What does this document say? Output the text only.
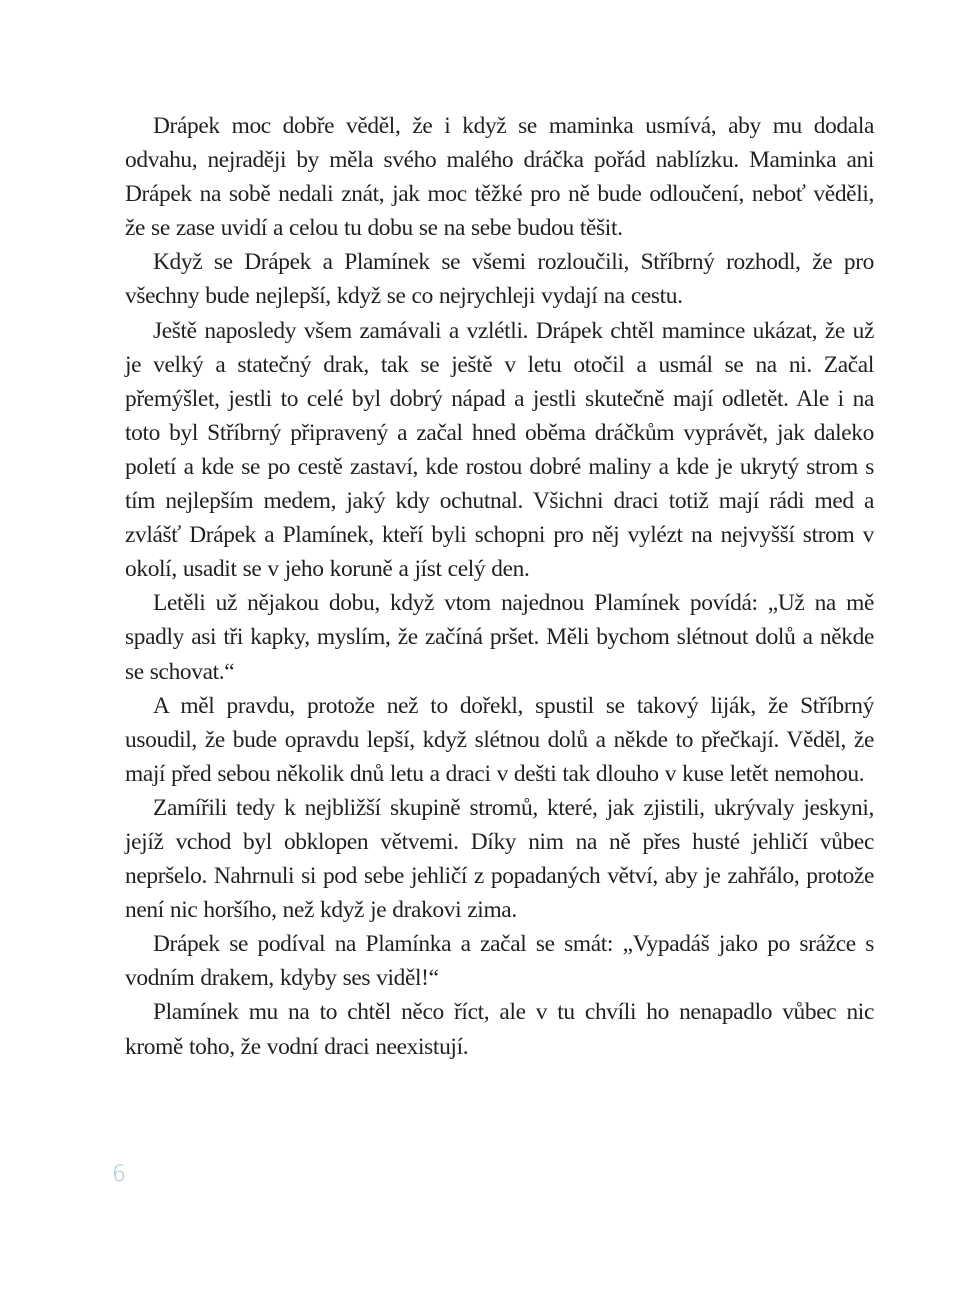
Drápek moc dobře věděl, že i když se maminka usmívá, aby mu dodala odvahu, nejraději by měla svého malého dráčka pořád nablízku. Maminka ani Drápek na sobě nedali znát, jak moc těžké pro ně bude odloučení, neboť věděli, že se zase uvidí a celou tu dobu se na sebe budou těšit.

Když se Drápek a Plamínek se všemi rozloučili, Stříbrný rozhodl, že pro všechny bude nejlepší, když se co nejrychleji vydají na cestu.

Ještě naposledy všem zamávali a vzlétli. Drápek chtěl mamince ukázat, že už je velký a statečný drak, tak se ještě v letu otočil a usmál se na ni. Začal přemýšlet, jestli to celé byl dobrý nápad a jestli skutečně mají odletět. Ale i na toto byl Stříbrný připravený a začal hned oběma dráčkům vyprávět, jak daleko poletí a kde se po cestě zastaví, kde rostou dobré maliny a kde je ukrytý strom s tím nejlepším medem, jaký kdy ochutnal. Všichni draci totiž mají rádi med a zvlášť Drápek a Plamínek, kteří byli schopni pro něj vylézt na nejvyšší strom v okolí, usadit se v jeho koruně a jíst celý den.

Letěli už nějakou dobu, když vtom najednou Plamínek povídá: „Už na mě spadly asi tři kapky, myslím, že začíná pršet. Měli bychom slétnout dolů a někde se schovat.“

A měl pravdu, protože než to dořekl, spustil se takový liják, že Stříbrný usoudil, že bude opravdu lepší, když slétnou dolů a někde to přečkají. Věděl, že mají před sebou několik dnů letu a draci v dešti tak dlouho v kuse letět nemohou.

Zamířili tedy k nejbližší skupině stromů, které, jak zjistili, ukrývaly jeskyni, jejíž vchod byl obklopen větvemi. Díky nim na ně přes husté jehličí vůbec nepršelo. Nahrnuli si pod sebe jehličí z popadaných větví, aby je zahřálo, protože není nic horšího, než když je drakovi zima.

Drápek se podíval na Plamínka a začal se smát: „Vypadáš jako po srážce s vodním drakem, kdyby ses viděl!“

Plamínek mu na to chtěl něco říct, ale v tu chvíli ho nenapadlo vůbec nic kromě toho, že vodní draci neexistují.

6
